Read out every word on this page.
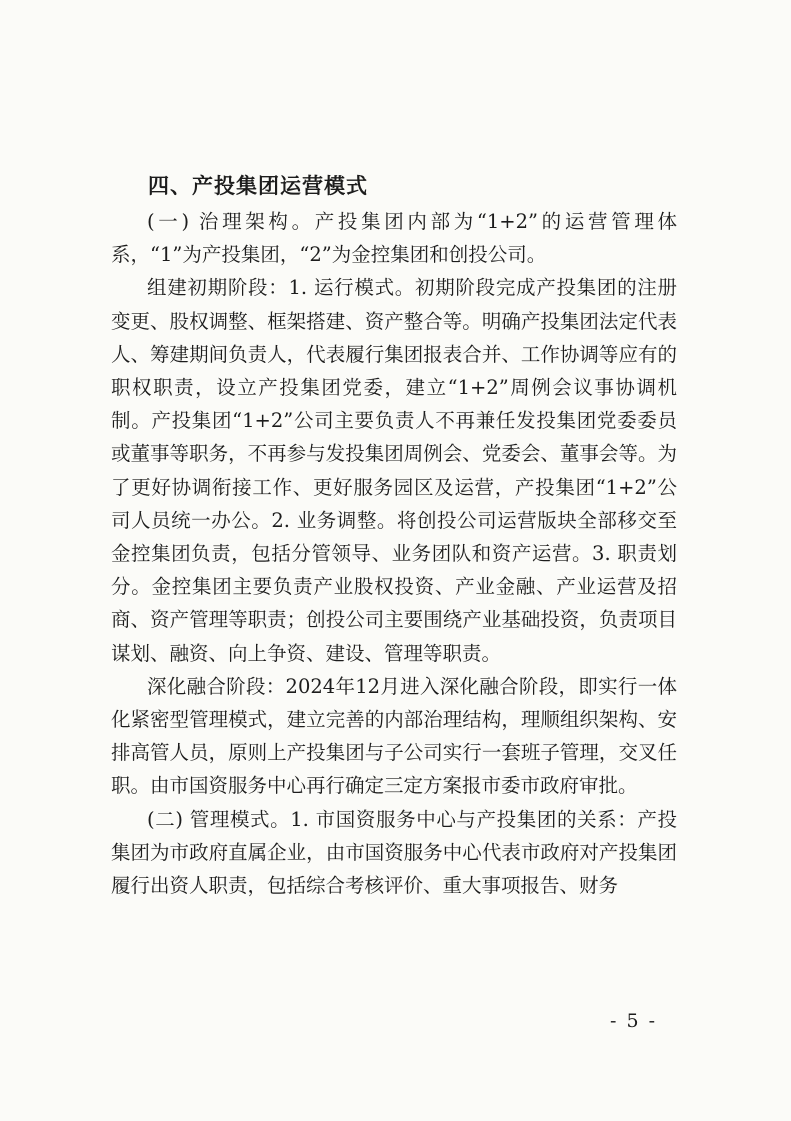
四、产投集团运营模式

(一) 治理架构。产投集团内部为“1+2”的运营管理体系，“1”为产投集团，“2”为金控集团和创投公司。

组建初期阶段：1. 运行模式。初期阶段完成产投集团的注册变更、股权调整、框架搭建、资产整合等。明确产投集团法定代表人、筹建期间负责人，代表履行集团报表合并、工作协调等应有的职权职责，设立产投集团党委，建立“1+2”周例会议事协调机制。产投集团“1+2”公司主要负责人不再兼任发投集团党委委员或董事等职务，不再参与发投集团周例会、党委会、董事会等。为了更好协调衔接工作、更好服务园区及运营，产投集团“1+2”公司人员统一办公。2. 业务调整。将创投公司运营版块全部移交至金控集团负责，包括分管领导、业务团队和资产运营。3. 职责划分。金控集团主要负责产业股权投资、产业金融、产业运营及招商、资产管理等职责；创投公司主要围绕产业基础投资，负责项目谋划、融资、向上争资、建设、管理等职责。

深化融合阶段：2024年12月进入深化融合阶段，即实行一体化紧密型管理模式，建立完善的内部治理结构，理顺组织架构、安排高管人员，原则上产投集团与子公司实行一套班子管理，交叉任职。由市国资服务中心再行确定三定方案报市委市政府审批。

(二) 管理模式。1. 市国资服务中心与产投集团的关系：产投集团为市政府直属企业，由市国资服务中心代表市政府对产投集团履行出资人职责，包括综合考核评价、重大事项报告、财务

- 5 -
